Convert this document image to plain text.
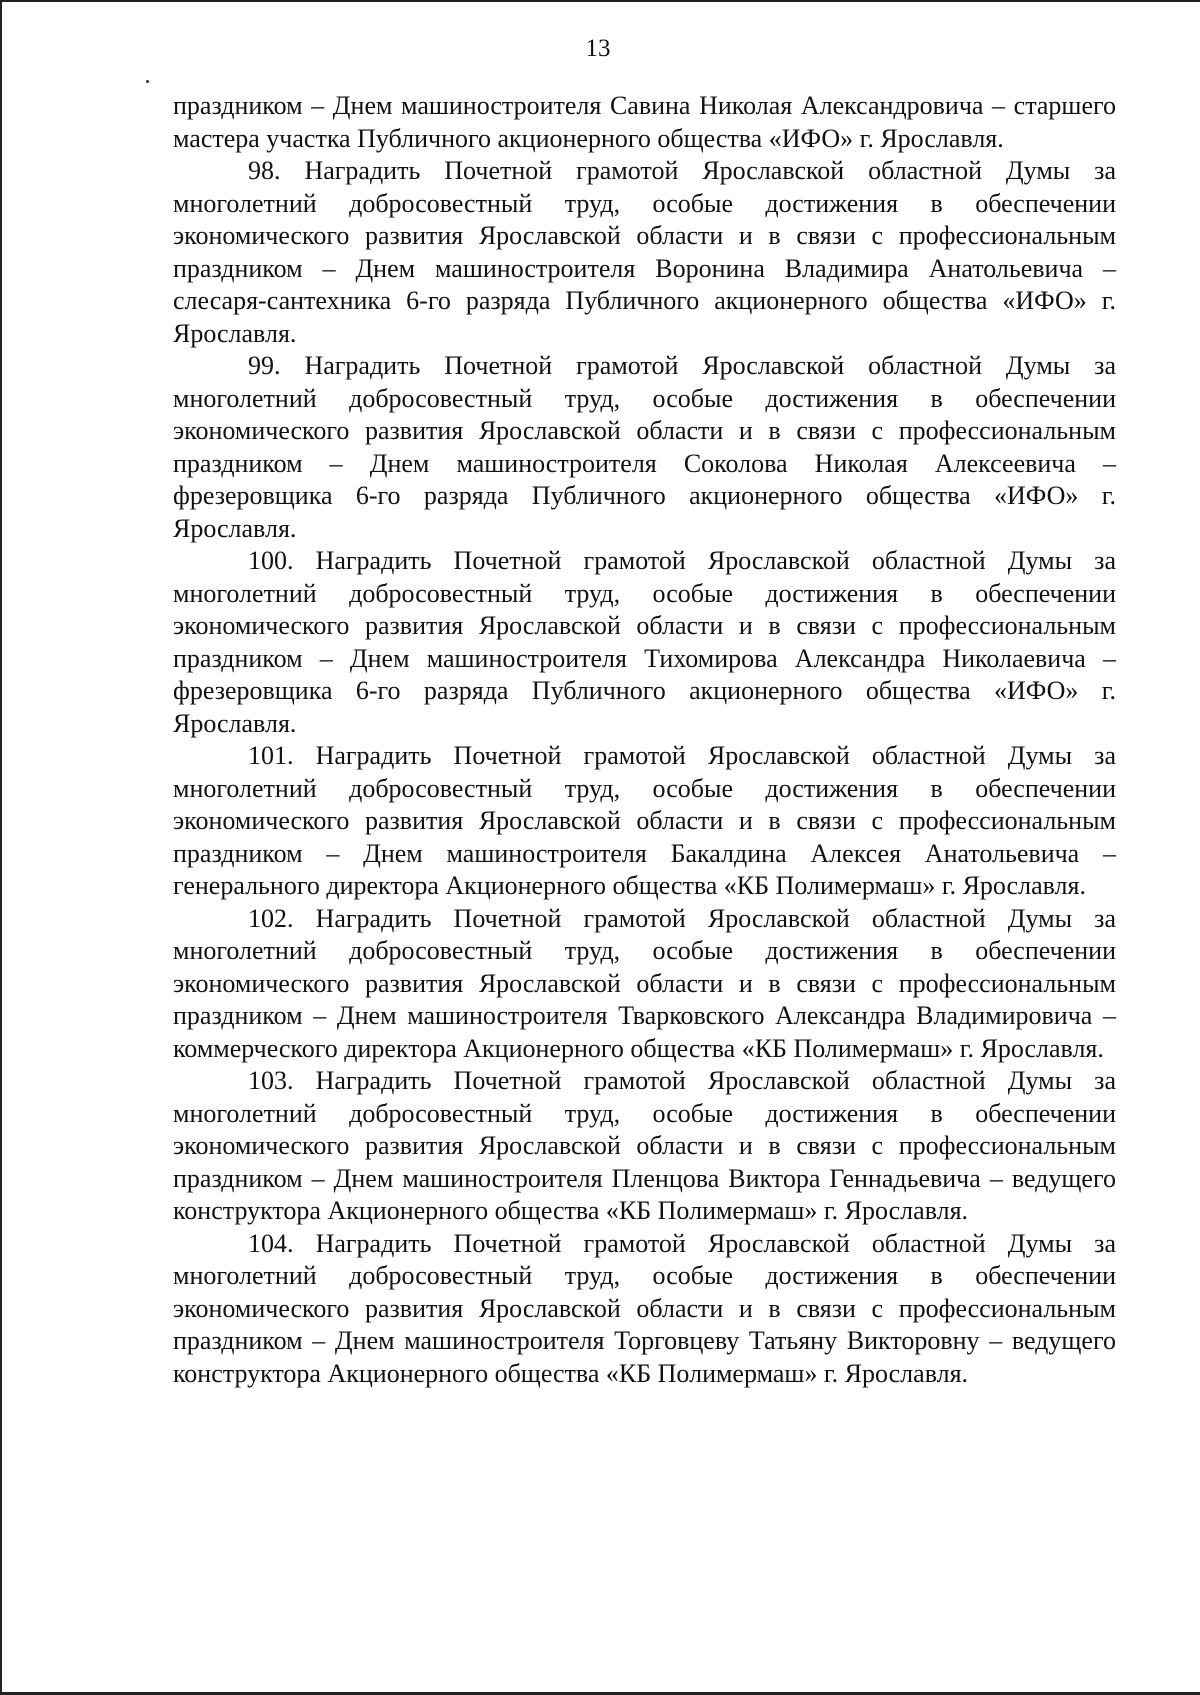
13

праздником – Днем машиностроителя Савина Николая Александровича – старшего мастера участка Публичного акционерного общества «ИФО» г. Ярославля.

98. Наградить Почетной грамотой Ярославской областной Думы за многолетний добросовестный труд, особые достижения в обеспечении экономического развития Ярославской области и в связи с профессиональным праздником – Днем машиностроителя Воронина Владимира Анатольевича – слесаря-сантехника 6-го разряда Публичного акционерного общества «ИФО» г. Ярославля.

99. Наградить Почетной грамотой Ярославской областной Думы за многолетний добросовестный труд, особые достижения в обеспечении экономического развития Ярославской области и в связи с профессиональным праздником – Днем машиностроителя Соколова Николая Алексеевича – фрезеровщика 6-го разряда Публичного акционерного общества «ИФО» г. Ярославля.

100. Наградить Почетной грамотой Ярославской областной Думы за многолетний добросовестный труд, особые достижения в обеспечении экономического развития Ярославской области и в связи с профессиональным праздником – Днем машиностроителя Тихомирова Александра Николаевича – фрезеровщика 6-го разряда Публичного акционерного общества «ИФО» г. Ярославля.

101. Наградить Почетной грамотой Ярославской областной Думы за многолетний добросовестный труд, особые достижения в обеспечении экономического развития Ярославской области и в связи с профессиональным праздником – Днем машиностроителя Бакалдина Алексея Анатольевича – генерального директора Акционерного общества «КБ Полимермаш» г. Ярославля.

102. Наградить Почетной грамотой Ярославской областной Думы за многолетний добросовестный труд, особые достижения в обеспечении экономического развития Ярославской области и в связи с профессиональным праздником – Днем машиностроителя Тварковского Александра Владимировича – коммерческого директора Акционерного общества «КБ Полимермаш» г. Ярославля.

103. Наградить Почетной грамотой Ярославской областной Думы за многолетний добросовестный труд, особые достижения в обеспечении экономического развития Ярославской области и в связи с профессиональным праздником – Днем машиностроителя Пленцова Виктора Геннадьевича – ведущего конструктора Акционерного общества «КБ Полимермаш» г. Ярославля.

104. Наградить Почетной грамотой Ярославской областной Думы за многолетний добросовестный труд, особые достижения в обеспечении экономического развития Ярославской области и в связи с профессиональным праздником – Днем машиностроителя Торговцеву Татьяну Викторовну – ведущего конструктора Акционерного общества «КБ Полимермаш» г. Ярославля.
